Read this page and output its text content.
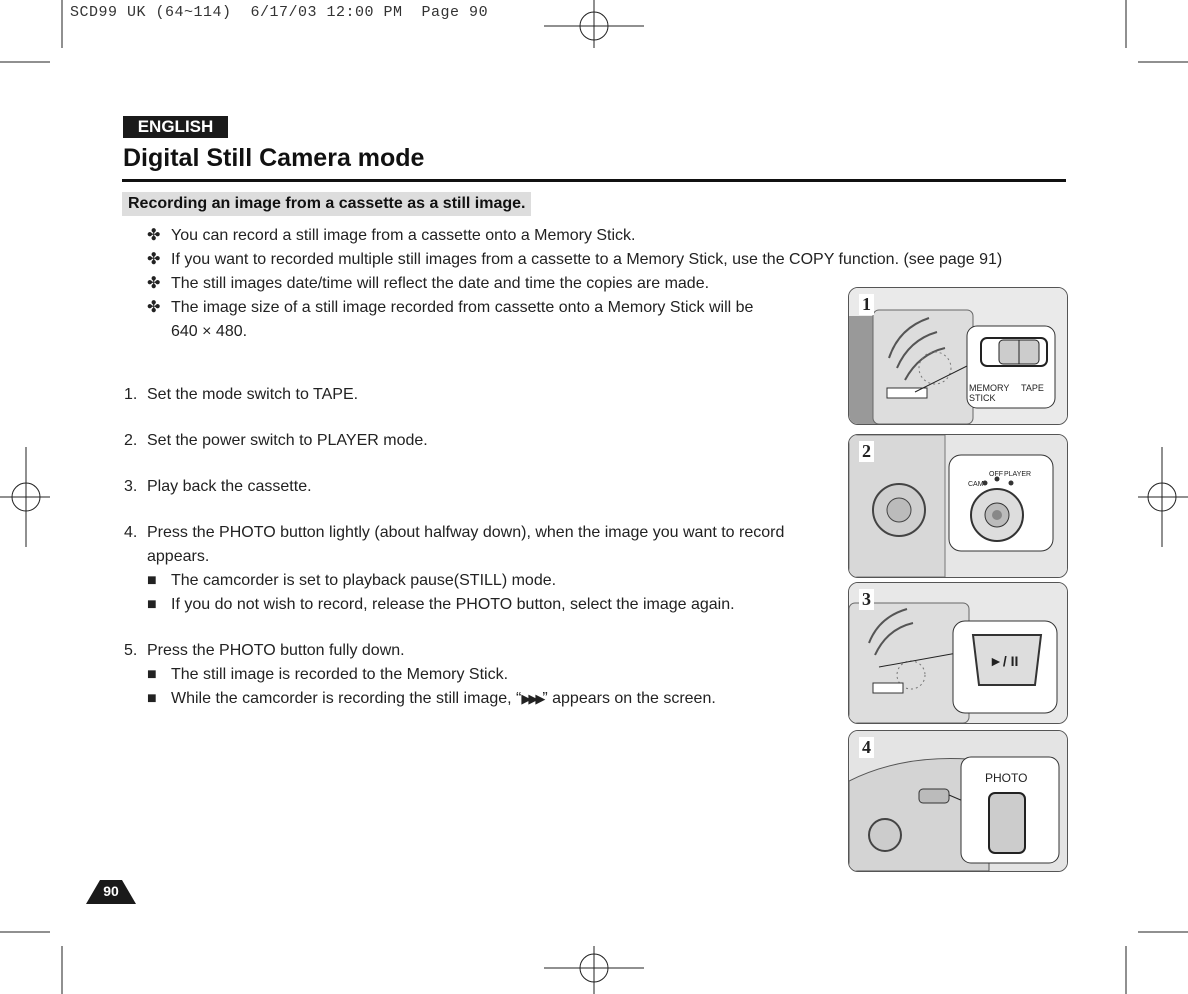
SCD99 UK (64~114)  6/17/03 12:00 PM  Page 90
ENGLISH
Digital Still Camera mode
Recording an image from a cassette as a still image.
✤ You can record a still image from a cassette onto a Memory Stick.
✤ If you want to recorded multiple still images from a cassette to a Memory Stick, use the COPY function. (see page 91)
✤ The still images date/time will reflect the date and time the copies are made.
✤ The image size of a still image recorded from cassette onto a Memory Stick will be
640 × 480.
1. Set the mode switch to TAPE.
2. Set the power switch to PLAYER mode.
3. Play back the cassette.
4. Press the PHOTO button lightly (about halfway down), when the image you want to record
appears.
■ The camcorder is set to playback pause(STILL) mode.
■ If you do not wish to record, release the PHOTO button, select the image again.
5. Press the PHOTO button fully down.
■ The still image is recorded to the Memory Stick.
■ While the camcorder is recording the still image, “▶▶▶” appears on the screen.
1
MEMORY
STICK
TAPE
2
CAM
OFF PLAYER
3
►/ II
4
PHOTO
90
